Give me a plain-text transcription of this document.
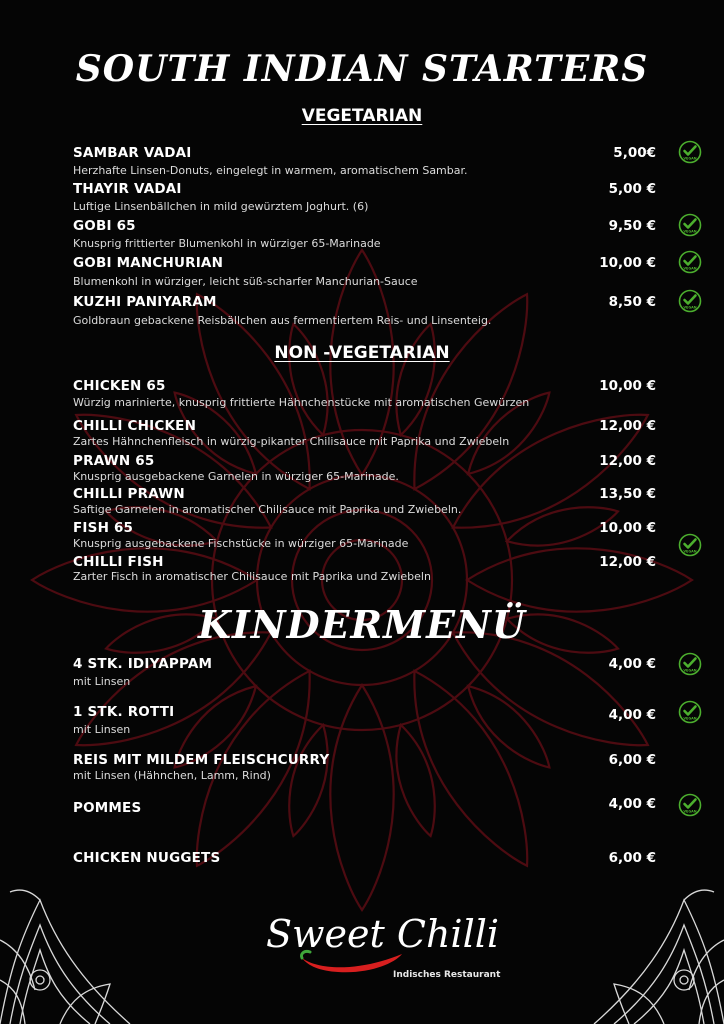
SOUTH INDIAN STARTERS
VEGETARIAN
SAMBAR VADAI
Herzhafte Linsen-Donuts, eingelegt in warmem, aromatischem Sambar.
5,00€	VEGAN
THAYIR VADAI
Luftige Linsenbällchen in mild gewürztem Joghurt. (6)
5,00 €
GOBI 65
Knusprig frittierter Blumenkohl in würziger 65-Marinade
9,50 €	VEGAN
GOBI MANCHURIAN
Blumenkohl in würziger, leicht süß-scharfer Manchurian-Sauce
10,00 €	VEGAN
KUZHI PANIYARAM
Goldbraun gebackene Reisbällchen aus fermentiertem Reis- und Linsenteig.
8,50 €	VEGAN
NON -VEGETARIAN
CHICKEN 65
Würzig marinierte, knusprig frittierte Hähnchenstücke mit aromatischen Gewürzen
10,00 €
CHILLI CHICKEN
Zartes Hähnchenfleisch in würzig-pikanter Chilisauce mit Paprika und Zwiebeln
12,00 €
PRAWN 65
Knusprig ausgebackene Garnelen in würziger 65-Marinade.
12,00 €
CHILLI PRAWN
Saftige Garnelen in aromatischer Chilisauce mit Paprika und Zwiebeln.
13,50 €
FISH 65
Knusprig ausgebackene Fischstücke in würziger 65-Marinade
10,00 €
VEGAN
CHILLI FISH
Zarter Fisch in aromatischer Chilisauce mit Paprika und Zwiebeln
12,00 €
KINDERMENÜ
4 STK. IDIYAPPAM
mit Linsen
4,00 €	VEGAN
1 STK. ROTTI
mit Linsen
4,00 €	VEGAN
REIS MIT MILDEM FLEISCHCURRY
mit Linsen (Hähnchen, Lamm, Rind)
6,00 €
POMMES	4,00 €	VEGAN
CHICKEN NUGGETS	6,00 €
Sweet Chilli
Indisches Restaurant
